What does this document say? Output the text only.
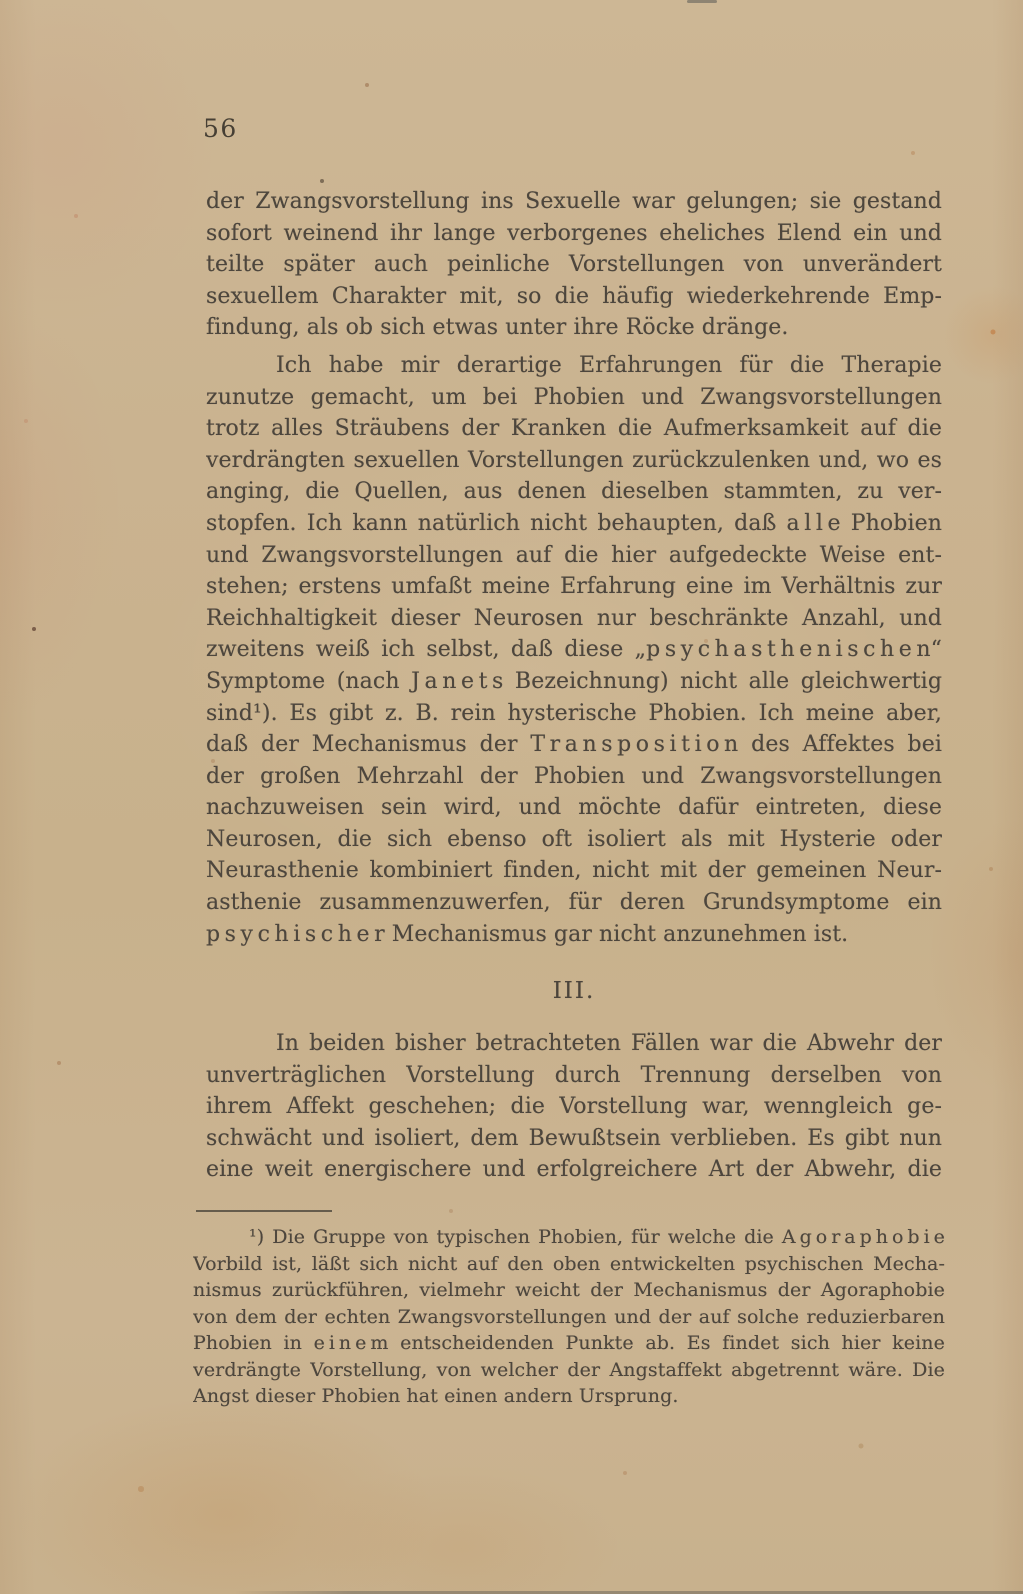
56
der Zwangsvorstellung ins Sexuelle war gelungen; sie gestand
sofort weinend ihr lange verborgenes eheliches Elend ein und
teilte später auch peinliche Vorstellungen von unverändert
sexuellem Charakter mit, so die häufig wiederkehrende Emp-
findung, als ob sich etwas unter ihre Röcke dränge.
Ich habe mir derartige Erfahrungen für die Therapie
zunutze gemacht, um bei Phobien und Zwangsvorstellungen
trotz alles Sträubens der Kranken die Aufmerksamkeit auf die
verdrängten sexuellen Vorstellungen zurückzulenken und, wo es
anging, die Quellen, aus denen dieselben stammten, zu ver-
stopfen. Ich kann natürlich nicht behaupten, daß a l l e Phobien
und Zwangsvorstellungen auf die hier aufgedeckte Weise ent-
stehen; erstens umfaßt meine Erfahrung eine im Verhältnis zur
Reichhaltigkeit dieser Neurosen nur beschränkte Anzahl, und
zweitens weiß ich selbst, daß diese „p s y c h a s t h e n i s c h e n“
Symptome (nach J a n e t s Bezeichnung) nicht alle gleichwertig
sind¹). Es gibt z. B. rein hysterische Phobien. Ich meine aber,
daß der Mechanismus der T r a n s p o s i t i o n des Affektes bei
der großen Mehrzahl der Phobien und Zwangsvorstellungen
nachzuweisen sein wird, und möchte dafür eintreten, diese
Neurosen, die sich ebenso oft isoliert als mit Hysterie oder
Neurasthenie kombiniert finden, nicht mit der gemeinen Neur-
asthenie zusammenzuwerfen, für deren Grundsymptome ein
p s y c h i s c h e r Mechanismus gar nicht anzunehmen ist.
III.
In beiden bisher betrachteten Fällen war die Abwehr der
unverträglichen Vorstellung durch Trennung derselben von
ihrem Affekt geschehen; die Vorstellung war, wenngleich ge-
schwächt und isoliert, dem Bewußtsein verblieben. Es gibt nun
eine weit energischere und erfolgreichere Art der Abwehr, die
¹) Die Gruppe von typischen Phobien, für welche die A g o r a p h o b i e
Vorbild ist, läßt sich nicht auf den oben entwickelten psychischen Mecha-
nismus zurückführen, vielmehr weicht der Mechanismus der Agoraphobie
von dem der echten Zwangsvorstellungen und der auf solche reduzierbaren
Phobien in e i n e m entscheidenden Punkte ab. Es findet sich hier keine
verdrängte Vorstellung, von welcher der Angstaffekt abgetrennt wäre. Die
Angst dieser Phobien hat einen andern Ursprung.
